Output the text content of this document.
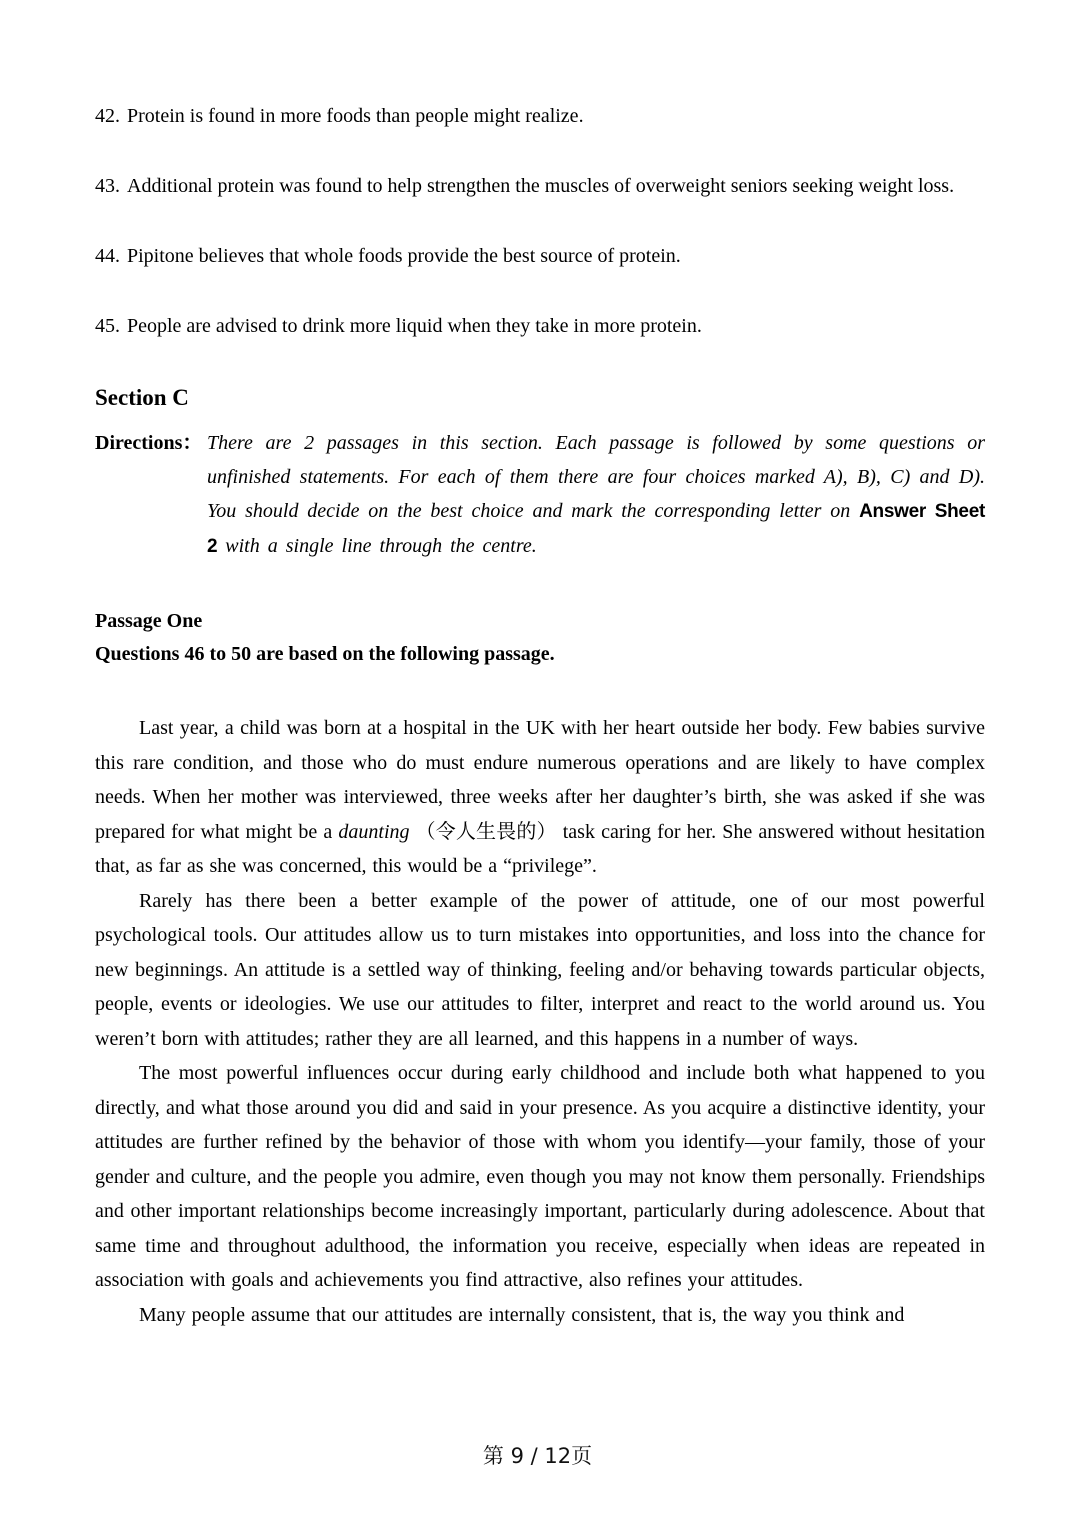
42. Protein is found in more foods than people might realize.

43. Additional protein was found to help strengthen the muscles of overweight seniors seeking weight loss.

44. Pipitone believes that whole foods provide the best source of protein.

45. People are advised to drink more liquid when they take in more protein.

Section C
Directions： There are 2 passages in this section. Each passage is followed by some questions or unfinished statements. For each of them there are four choices marked A), B), C) and D). You should decide on the best choice and mark the corresponding letter on Answer Sheet 2 with a single line through the centre.
Passage One
Questions 46 to 50 are based on the following passage.

Last year, a child was born at a hospital in the UK with her heart outside her body. Few babies survive this rare condition, and those who do must endure numerous operations and are likely to have complex needs. When her mother was interviewed, three weeks after her daughter’s birth, she was asked if she was prepared for what might be a daunting （令人生畏的） task caring for her. She answered without hesitation that, as far as she was concerned, this would be a “privilege”.

Rarely has there been a better example of the power of attitude, one of our most powerful psychological tools. Our attitudes allow us to turn mistakes into opportunities, and loss into the chance for new beginnings. An attitude is a settled way of thinking, feeling and/or behaving towards particular objects, people, events or ideologies. We use our attitudes to filter, interpret and react to the world around us. You weren’t born with attitudes; rather they are all learned, and this happens in a number of ways.

The most powerful influences occur during early childhood and include both what happened to you directly, and what those around you did and said in your presence. As you acquire a distinctive identity, your attitudes are further refined by the behavior of those with whom you identify—your family, those of your gender and culture, and the people you admire, even though you may not know them personally. Friendships and other important relationships become increasingly important, particularly during adolescence. About that same time and throughout adulthood, the information you receive, especially when ideas are repeated in association with goals and achievements you find attractive, also refines your attitudes.

Many people assume that our attitudes are internally consistent, that is, the way you think and

第 9 / 12页
